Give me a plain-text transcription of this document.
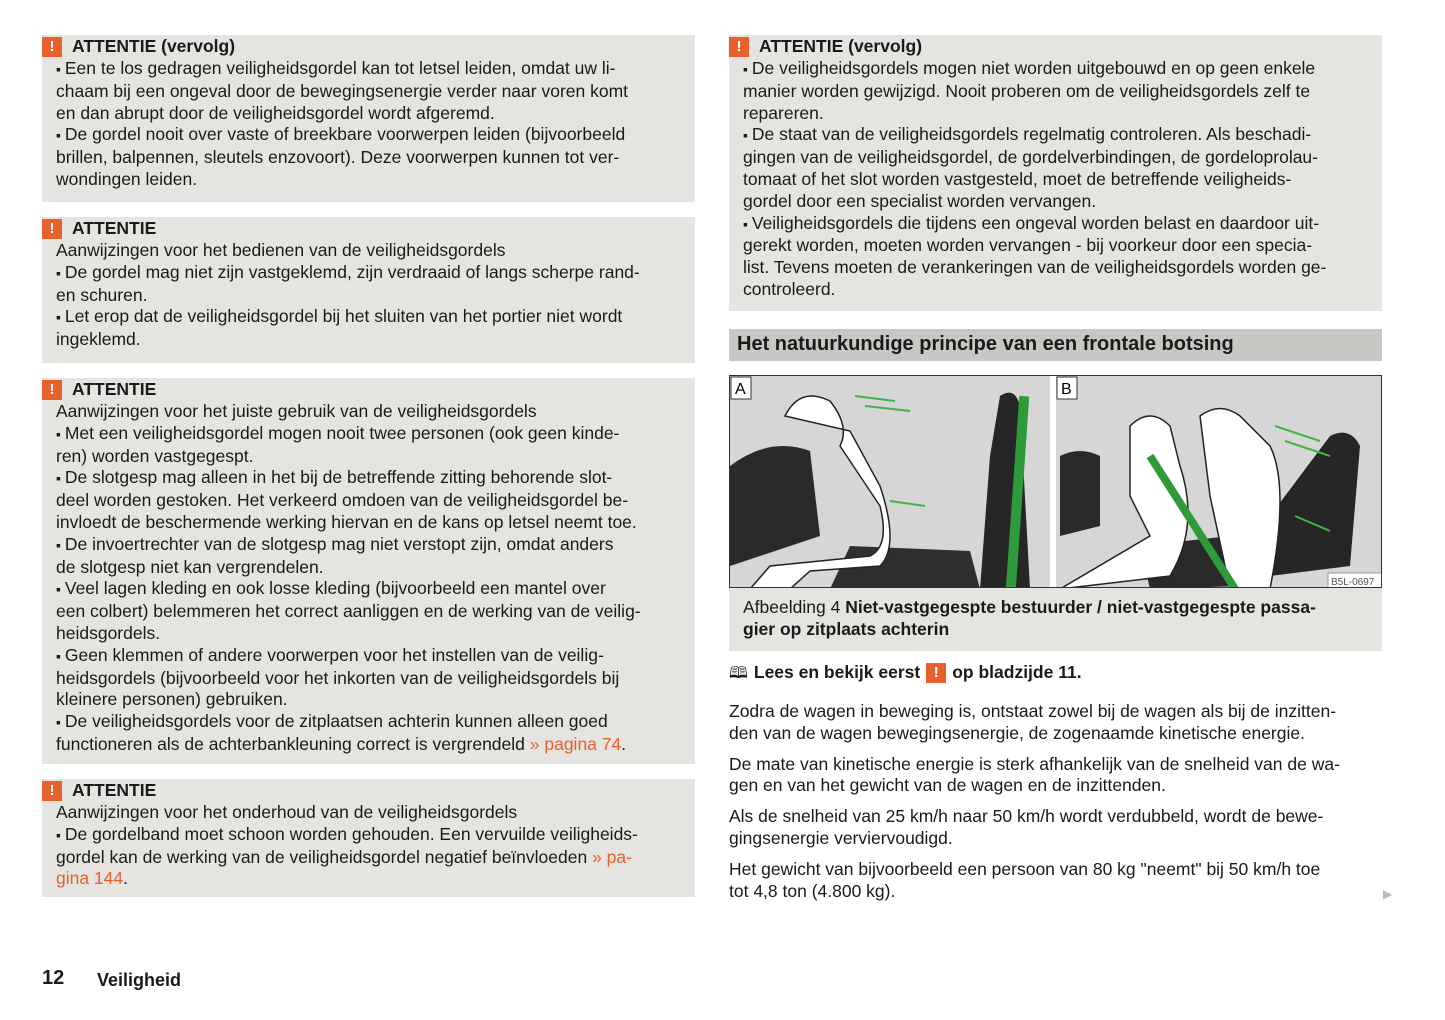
!	ATTENTIE (vervolg)
▪ Een te los gedragen veiligheidsgordel kan tot letsel leiden, omdat uw li-
chaam bij een ongeval door de bewegingsenergie verder naar voren komt
en dan abrupt door de veiligheidsgordel wordt afgeremd.
▪ De gordel nooit over vaste of breekbare voorwerpen leiden (bijvoorbeeld
brillen, balpennen, sleutels enzovoort). Deze voorwerpen kunnen tot ver-
wondingen leiden.
!	ATTENTIE
Aanwijzingen voor het bedienen van de veiligheidsgordels
▪ De gordel mag niet zijn vastgeklemd, zijn verdraaid of langs scherpe rand-
en schuren.
▪ Let erop dat de veiligheidsgordel bij het sluiten van het portier niet wordt
ingeklemd.
!	ATTENTIE
Aanwijzingen voor het juiste gebruik van de veiligheidsgordels
▪ Met een veiligheidsgordel mogen nooit twee personen (ook geen kinde-
ren) worden vastgegespt.
▪ De slotgesp mag alleen in het bij de betreffende zitting behorende slot-
deel worden gestoken. Het verkeerd omdoen van de veiligheidsgordel be-
invloedt de beschermende werking hiervan en de kans op letsel neemt toe.
▪ De invoertrechter van de slotgesp mag niet verstopt zijn, omdat anders
de slotgesp niet kan vergrendelen.
▪ Veel lagen kleding en ook losse kleding (bijvoorbeeld een mantel over
een colbert) belemmeren het correct aanliggen en de werking van de veilig-
heidsgordels.
▪ Geen klemmen of andere voorwerpen voor het instellen van de veilig-
heidsgordels (bijvoorbeeld voor het inkorten van de veiligheidsgordels bij
kleinere personen) gebruiken.
▪ De veiligheidsgordels voor de zitplaatsen achterin kunnen alleen goed
functioneren als de achterbankleuning correct is vergrendeld » pagina 74.
!	ATTENTIE
Aanwijzingen voor het onderhoud van de veiligheidsgordels
▪ De gordelband moet schoon worden gehouden. Een vervuilde veiligheids-
gordel kan de werking van de veiligheidsgordel negatief beïnvloeden » pa-
gina 144.
!	ATTENTIE (vervolg)
▪ De veiligheidsgordels mogen niet worden uitgebouwd en op geen enkele
manier worden gewijzigd. Nooit proberen om de veiligheidsgordels zelf te
repareren.
▪ De staat van de veiligheidsgordels regelmatig controleren. Als beschadi-
gingen van de veiligheidsgordel, de gordelverbindingen, de gordeloprolau-
tomaat of het slot worden vastgesteld, moet de betreffende veiligheids-
gordel door een specialist worden vervangen.
▪ Veiligheidsgordels die tijdens een ongeval worden belast en daardoor uit-
gerekt worden, moeten worden vervangen - bij voorkeur door een specia-
list. Tevens moeten de verankeringen van de veiligheidsgordels worden ge-
controleerd.
Het natuurkundige principe van een frontale botsing
A	B
B5L-0697
Afbeelding 4 Niet-vastgegespte bestuurder / niet-vastgegespte passa-
gier op zitplaats achterin
🕮 Lees en bekijk eerst ! op bladzijde 11.
Zodra de wagen in beweging is, ontstaat zowel bij de wagen als bij de inzitten-
den van de wagen bewegingsenergie, de zogenaamde kinetische energie.
De mate van kinetische energie is sterk afhankelijk van de snelheid van de wa-
gen en van het gewicht van de wagen en de inzittenden.
Als de snelheid van 25 km/h naar 50 km/h wordt verdubbeld, wordt de bewe-
gingsenergie verviervoudigd.
Het gewicht van bijvoorbeeld een persoon van 80 kg "neemt" bij 50 km/h toe
tot 4,8 ton (4.800 kg).	▶
12 Veiligheid
